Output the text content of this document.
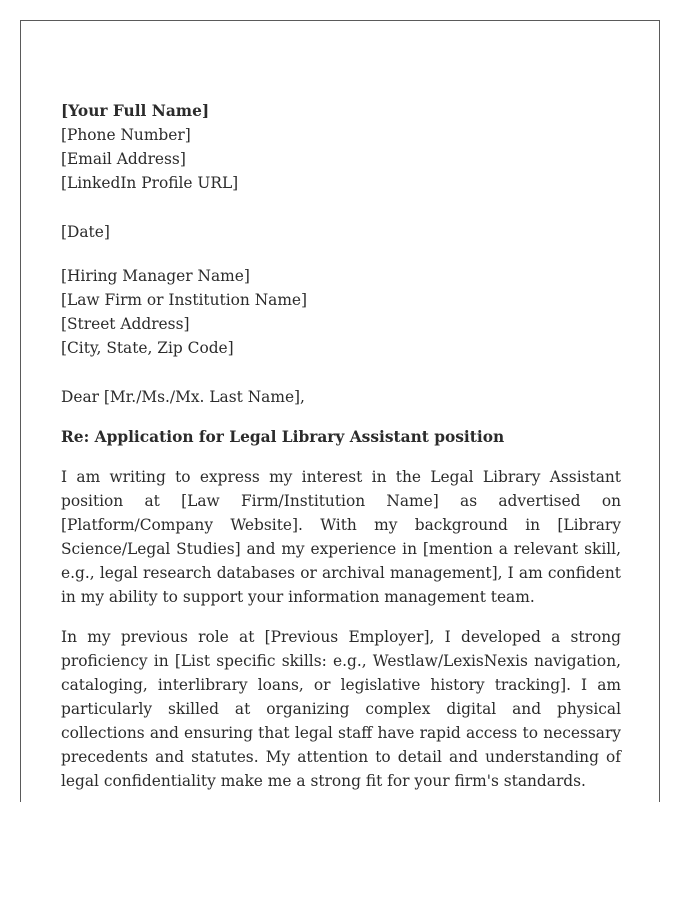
[Your Full Name]
[Phone Number]
[Email Address]
[LinkedIn Profile URL]
[Date]
[Hiring Manager Name]
[Law Firm or Institution Name]
[Street Address]
[City, State, Zip Code]
Dear [Mr./Ms./Mx. Last Name],
Re: Application for Legal Library Assistant position

I am writing to express my interest in the Legal Library Assistant position at [Law Firm/Institution Name] as advertised on [Platform/Company Website]. With my background in [Library Science/Legal Studies] and my experience in [mention a relevant skill, e.g., legal research databases or archival management], I am confident in my ability to support your information management team.

In my previous role at [Previous Employer], I developed a strong proficiency in [List specific skills: e.g., Westlaw/LexisNexis navigation, cataloging, interlibrary loans, or legislative history tracking]. I am particularly skilled at organizing complex digital and physical collections and ensuring that legal staff have rapid access to necessary precedents and statutes. My attention to detail and understanding of legal confidentiality make me a strong fit for your firm's standards.
